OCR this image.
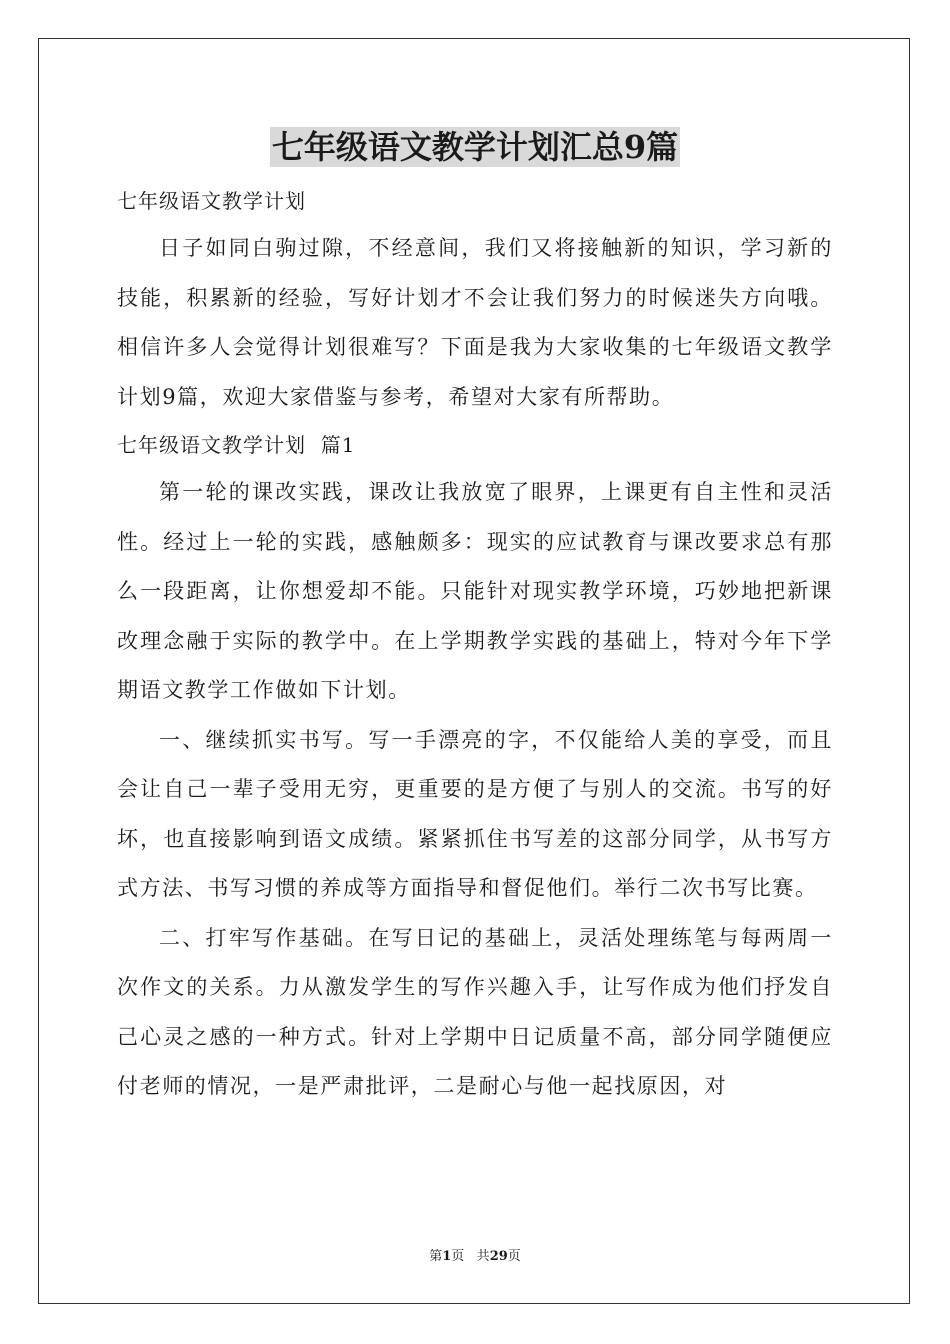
七年级语文教学计划汇总9篇

七年级语文教学计划

日子如同白驹过隙，不经意间，我们又将接触新的知识，学习新的技能，积累新的经验，写好计划才不会让我们努力的时候迷失方向哦。相信许多人会觉得计划很难写？下面是我为大家收集的七年级语文教学计划9篇，欢迎大家借鉴与参考，希望对大家有所帮助。

七年级语文教学计划  篇1

第一轮的课改实践，课改让我放宽了眼界，上课更有自主性和灵活性。经过上一轮的实践，感触颇多：现实的应试教育与课改要求总有那么一段距离，让你想爱却不能。只能针对现实教学环境，巧妙地把新课改理念融于实际的教学中。在上学期教学实践的基础上，特对今年下学期语文教学工作做如下计划。

一、继续抓实书写。写一手漂亮的字，不仅能给人美的享受，而且会让自己一辈子受用无穷，更重要的是方便了与别人的交流。书写的好坏，也直接影响到语文成绩。紧紧抓住书写差的这部分同学，从书写方式方法、书写习惯的养成等方面指导和督促他们。举行二次书写比赛。

二、打牢写作基础。在写日记的基础上，灵活处理练笔与每两周一次作文的关系。力从激发学生的写作兴趣入手，让写作成为他们抒发自己心灵之感的一种方式。针对上学期中日记质量不高，部分同学随便应付老师的情况，一是严肃批评，二是耐心与他一起找原因，对

第1页 共29页
